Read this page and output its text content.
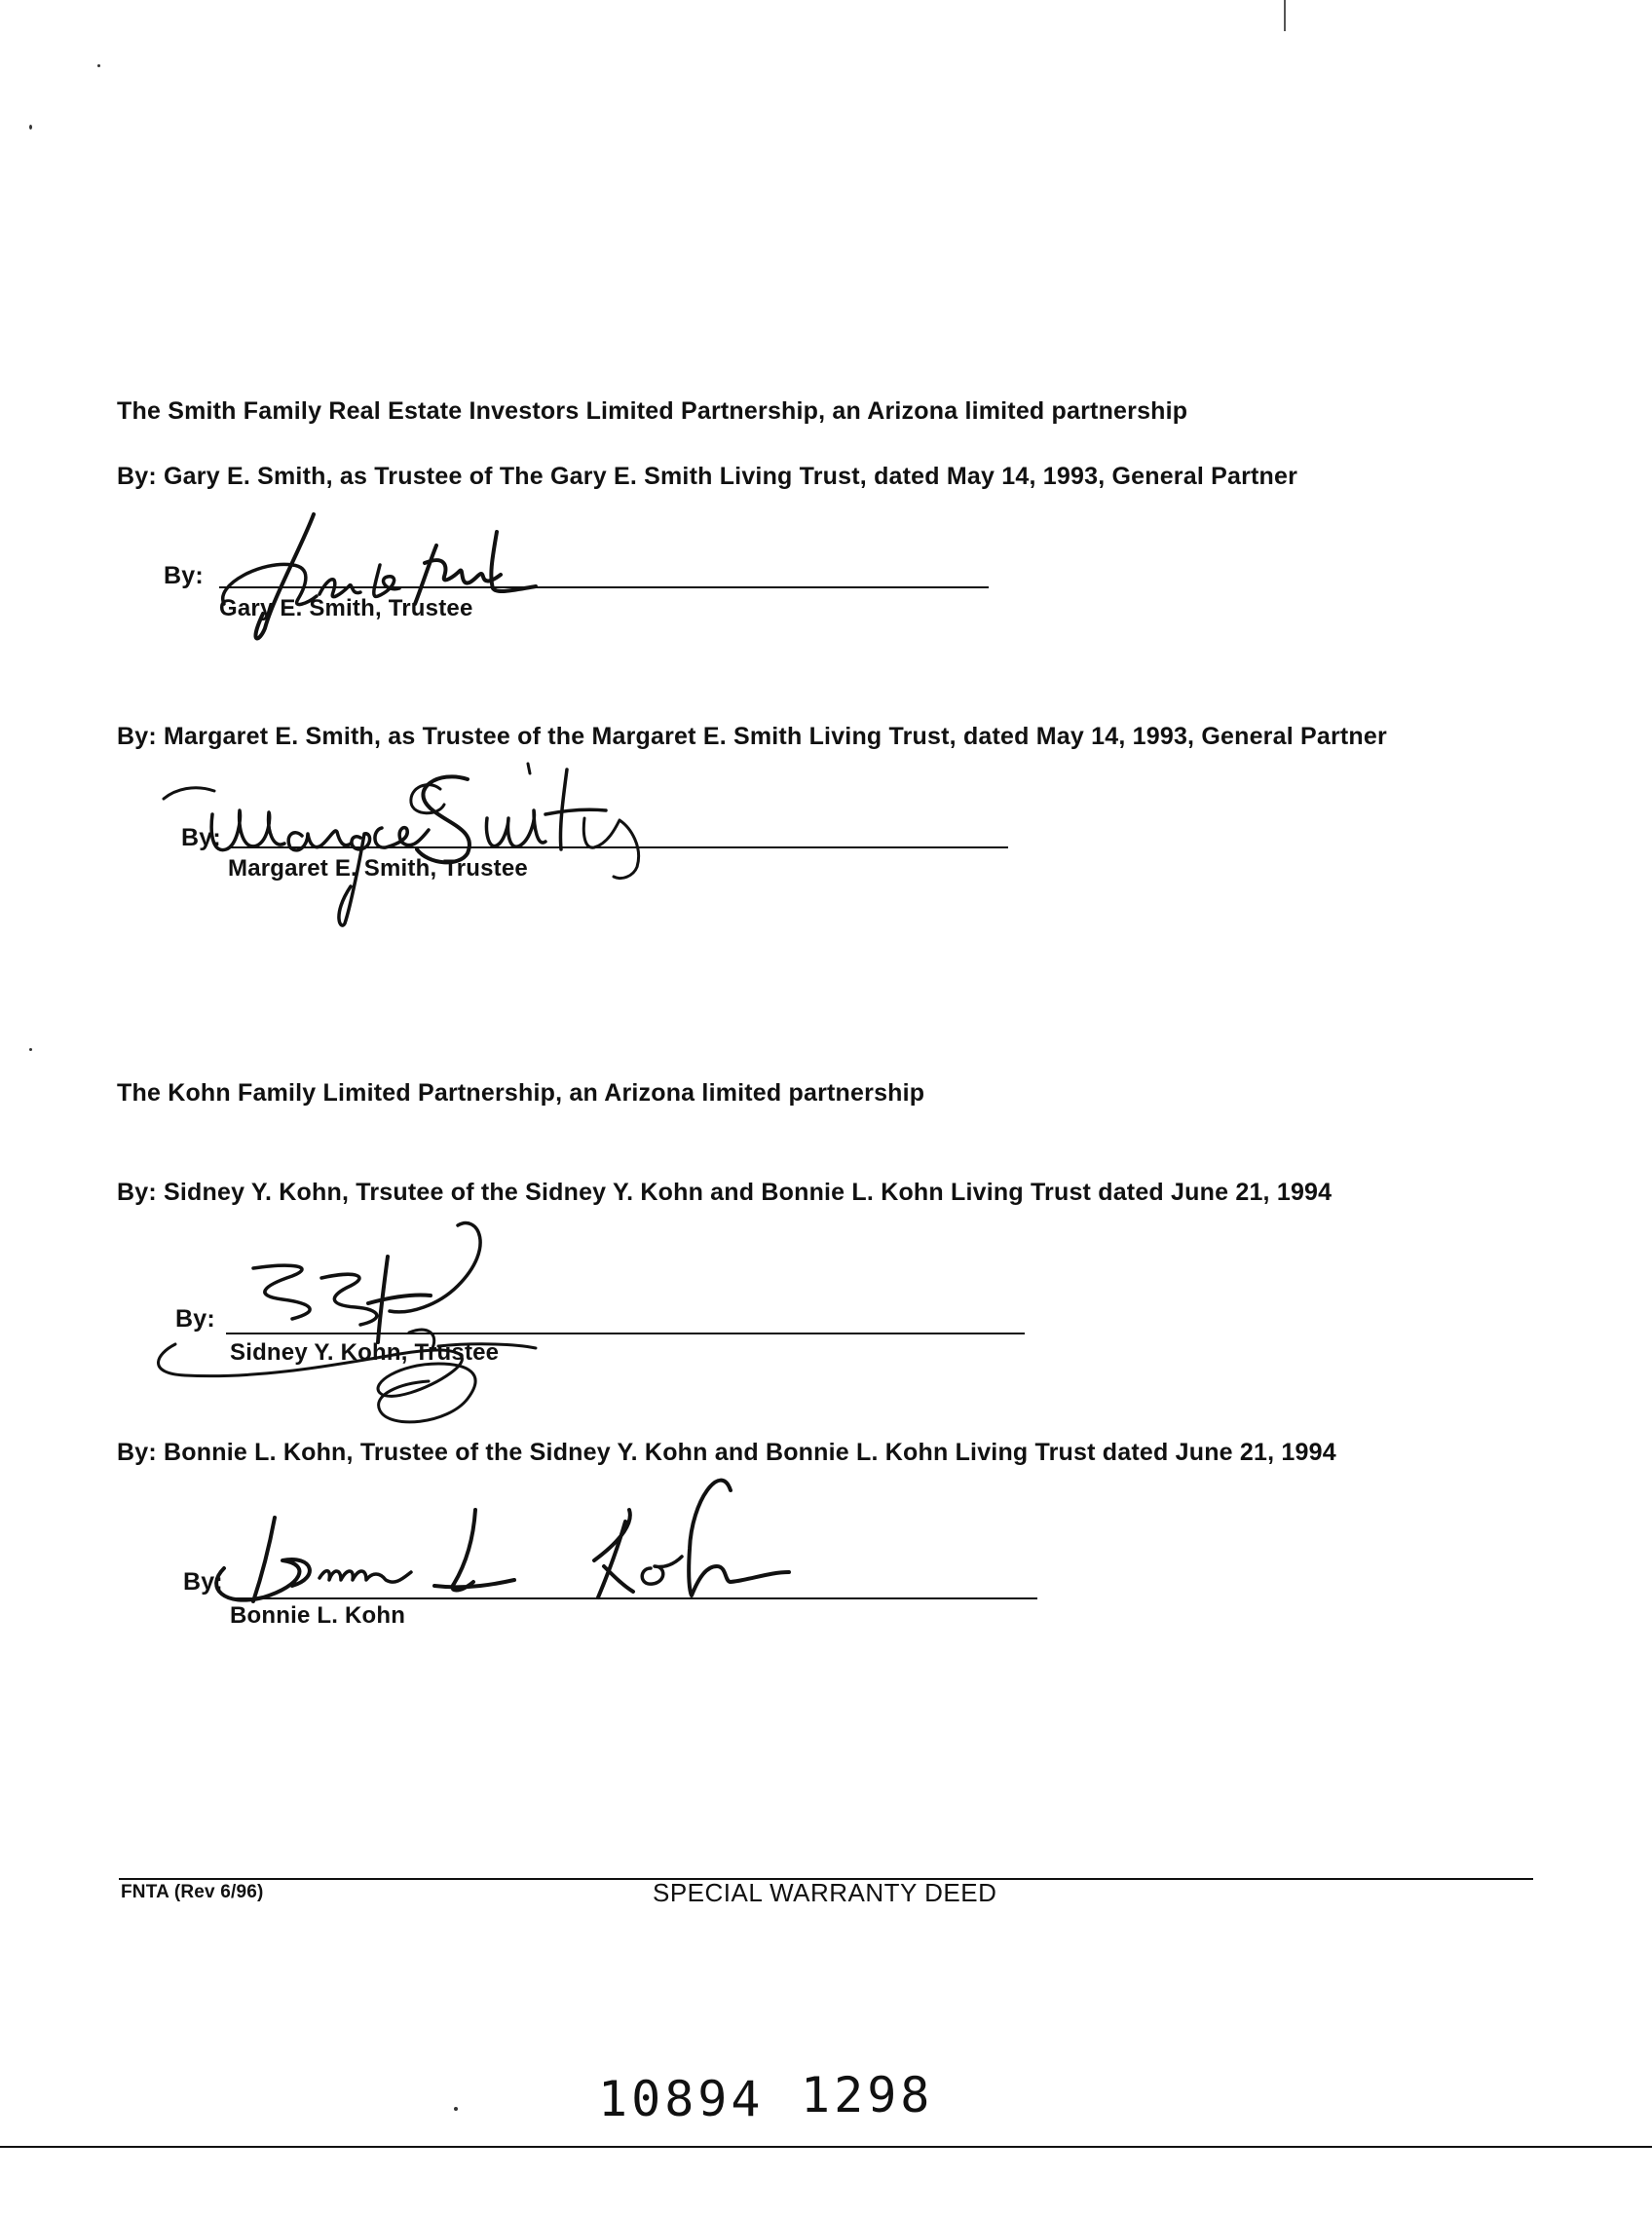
The Smith Family Real Estate Investors Limited Partnership, an Arizona limited partnership
By: Gary E. Smith, as Trustee of The Gary E. Smith Living Trust, dated May 14, 1993, General Partner
By:
Gary E. Smith, Trustee
By: Margaret E. Smith, as Trustee of the Margaret E. Smith Living Trust, dated May 14, 1993, General Partner
By:
Margaret E. Smith, Trustee
The Kohn Family Limited Partnership, an Arizona limited partnership
By: Sidney Y. Kohn, Trsutee of the Sidney Y. Kohn and Bonnie L. Kohn Living Trust dated June 21, 1994
By:
Sidney Y. Kohn, Trustee
By: Bonnie L. Kohn, Trustee of the Sidney Y. Kohn and Bonnie L. Kohn Living Trust dated June 21, 1994
By:
Bonnie L. Kohn
FNTA (Rev 6/96)	SPECIAL WARRANTY DEED
10894 1298
